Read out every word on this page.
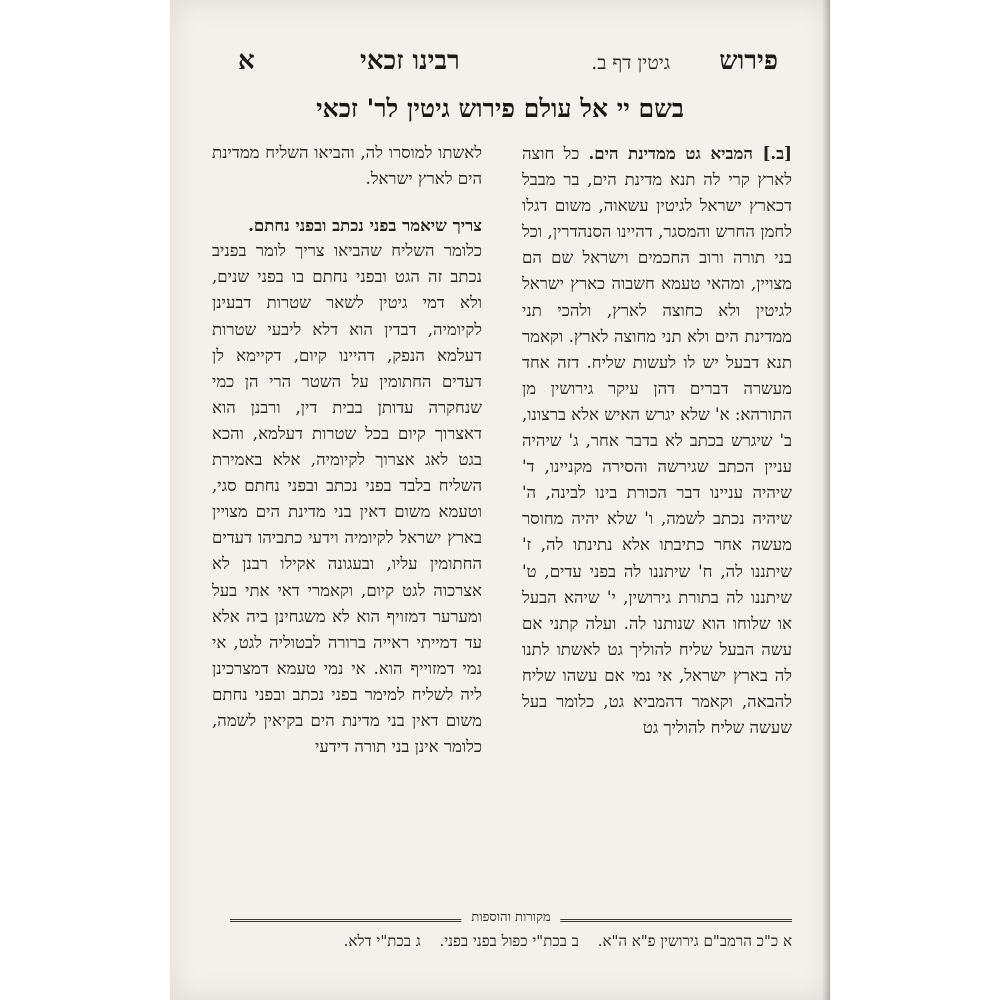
פירוש
גיטין דף ב.
רבינו זכאי
א
בשם יי אל עולם פירוש גיטין לר' זכאי

[ב.] המביא גט ממדינת הים. כל חוצה לארץ קרי לה תנא מדינת הים, בר מבבל דכארץ ישראל לגיטין עשאוה, משום דגלו לחמן החרש והמסגר, דהיינו הסנהדרין, וכל בני תורה ורוב החכמים וישראל שם הם מצויין, ומהאי טעמא חשבוה כארץ ישראל לגיטין ולא כחוצה לארץ, ולהכי תני ממדינת הים ולא תני מחוצה לארץ. וקאמר תנא דבעל יש לו לעשות שליח. דזה אחד מעשרה דברים דהן עיקר גירושין מן התורהא: א' שלא יגרש האיש אלא ברצונו, ב' שיגרש בכתב לא בדבר אחר, ג' שיהיה עניין הכתב שגירשה והסירה מקניינו, ד' שיהיה עניינו דבר הכורת בינו לבינה, ה' שיהיה נכתב לשמה, ו' שלא יהיה מחוסר מעשה אחר כתיבתו אלא נתינתו לה, ז' שיתננו לה, ח' שיתננו לה בפני עדים, ט' שיתננו לה בתורת גירושין, י' שיהא הבעל או שלוחו הוא שנותנו לה. ועלה קתני אם עשה הבעל שליח להוליך גט לאשתו לתנו לה בארץ ישראל, אי נמי אם עשהו שליח להבאה, וקאמר דהמביא גט, כלומר בעל שעשה שליח להוליך גט

לאשתו למוסרו לה, והביאו השליח ממדינת הים לארץ ישראל.

צריך שיאמר בפני נכתב ובפני נחתם.

כלומר השליח שהביאו צריך לומר בפניב נכתב זה הגט ובפני נחתם בו בפני שנים, ולא דמי גיטין לשאר שטרות דבעינן לקיומיה, דבדין הוא דלא ליבעי שטרות דעלמא הנפק, דהיינו קיום, דקיימא לן דעדים החתומין על השטר הרי הן כמי שנחקרה עדותן בבית דין, ורבנן הוא דאצרוך קיום בכל שטרות דעלמא, והכא בגט לאג אצרוך לקיומיה, אלא באמירת השליח בלבד בפני נכתב ובפני נחתם סגי, וטעמא משום דאין בני מדינת הים מצויין בארץ ישראל לקיומיה וידעי כתביהו דעדים החתומין עליו, ובעגונה אקילו רבנן לא אצרכוה לגט קיום, וקאמרי דאי אתי בעל ומערער דמזויף הוא לא משגחינן ביה אלא עד דמייתי ראייה ברורה לבטוליה לגט, אי נמי דמזוייף הוא. אי נמי טעמא דמצרכינן ליה לשליח למימר בפני נכתב ובפני נחתם משום דאין בני מדינת הים בקיאין לשמה, כלומר אינן בני תורה דידעי

מקורות והוספות
א כ"כ הרמב"ם גירושין פ"א ה"א. ב בכת"י כפול בפני בפני. ג בכת"י דלא.
